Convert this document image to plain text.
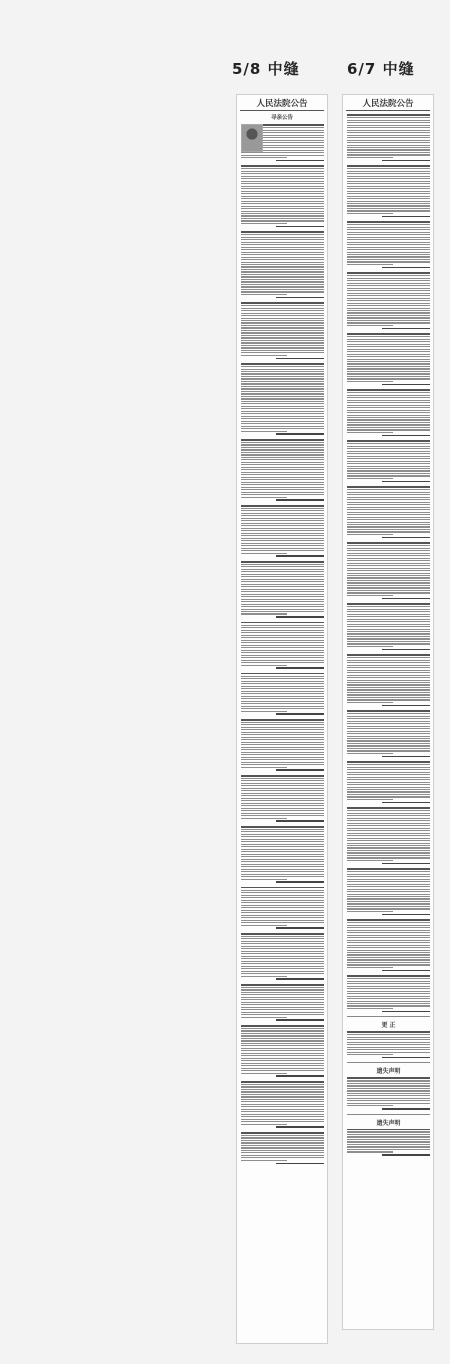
5/8 中缝	6/7 中缝
人民法院公告
寻亲公告
人民法院公告
更 正
遗失声明
遗失声明
